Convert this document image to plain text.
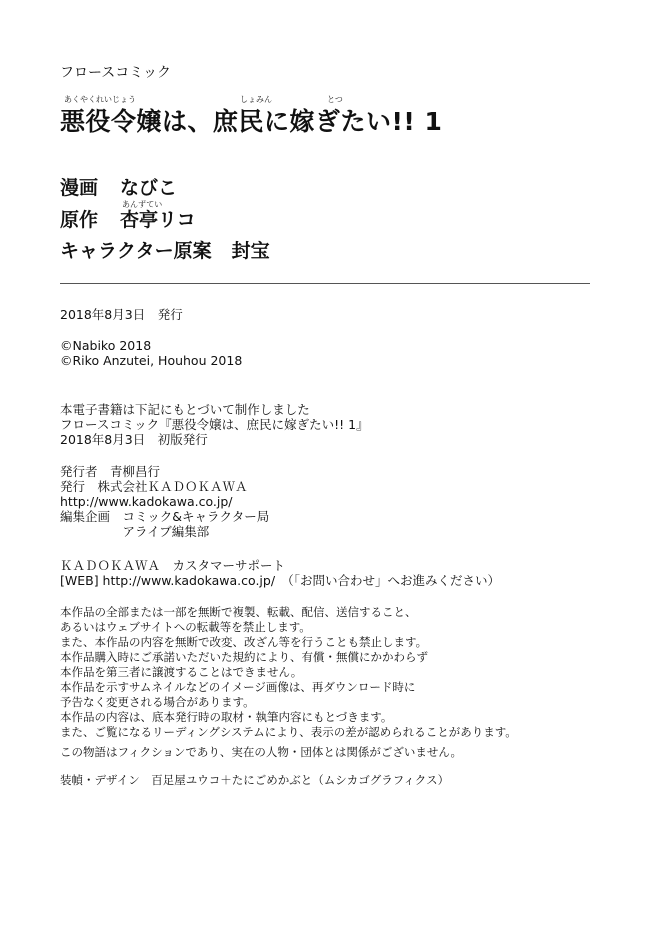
フロースコミック
あくやくれいじょう	しょみん	とつ
悪役令嬢は、庶民に嫁ぎたい!! 1
漫画 なびこ
あんずてい
原作 杏亭リコ
キャラクター原案 封宝
2018年8月3日　発行
©Nabiko 2018
©Riko Anzutei, Houhou 2018
本電子書籍は下記にもとづいて制作しました
フロースコミック『悪役令嬢は、庶民に嫁ぎたい!! 1』
2018年8月3日　初版発行
発行者　青柳昌行
発行　株式会社ＫＡＤＯＫＡＷＡ
http://www.kadokawa.co.jp/
編集企画　コミック&キャラクター局
　　　　　アライブ編集部
ＫＡＤＯＫＡＷＡ　カスタマーサポート
[WEB] http://www.kadokawa.co.jp/　（「お問い合わせ」へお進みください）
本作品の全部または一部を無断で複製、転載、配信、送信すること、
あるいはウェブサイトへの転載等を禁止します。
また、本作品の内容を無断で改変、改ざん等を行うことも禁止します。
本作品購入時にご承諾いただいた規約により、有償・無償にかかわらず
本作品を第三者に譲渡することはできません。
本作品を示すサムネイルなどのイメージ画像は、再ダウンロード時に
予告なく変更される場合があります。
本作品の内容は、底本発行時の取材・執筆内容にもとづきます。
また、ご覧になるリーディングシステムにより、表示の差が認められることがあります。
この物語はフィクションであり、実在の人物・団体とは関係がございません。
装幀・デザイン　百足屋ユウコ＋たにごめかぶと（ムシカゴグラフィクス）
